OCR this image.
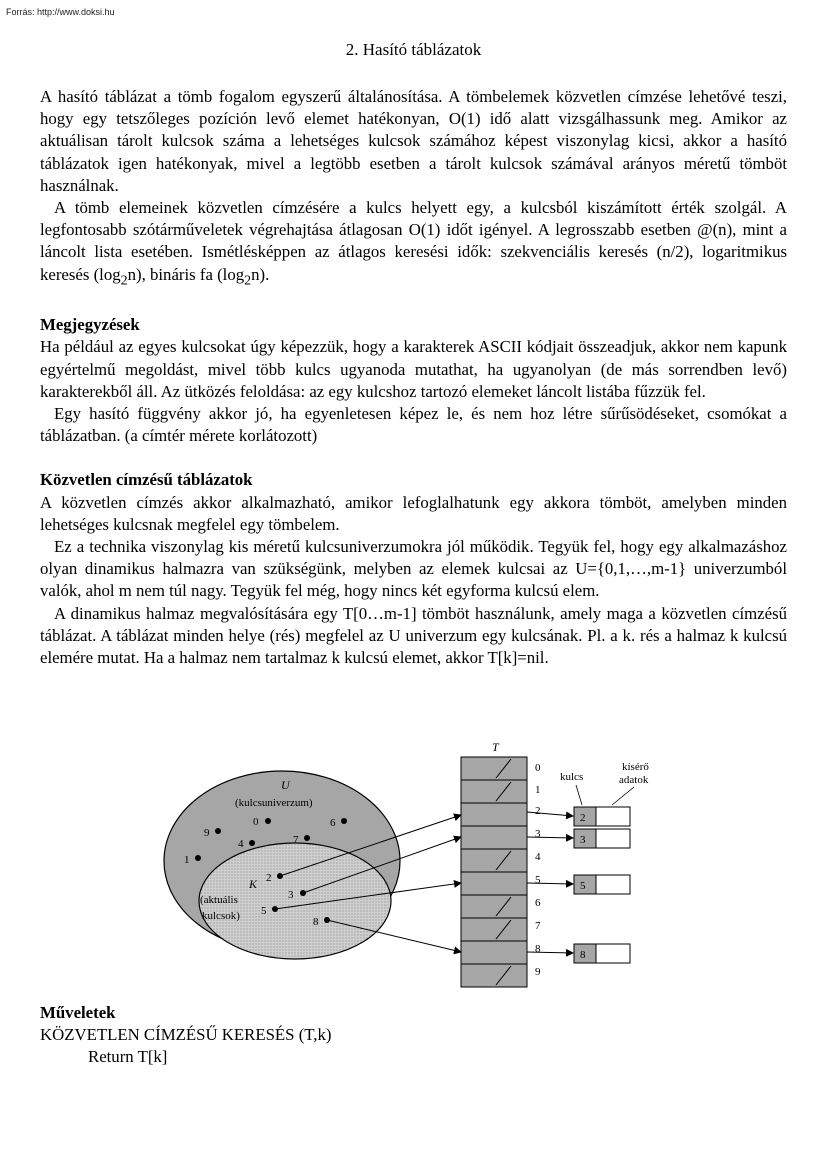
Forrás: http://www.doksi.hu
2. Hasító táblázatok

A hasító táblázat a tömb fogalom egyszerű általánosítása. A tömbelemek közvetlen címzése lehetővé teszi, hogy egy tetszőleges pozíción levő elemet hatékonyan, O(1) idő alatt vizsgálhassunk meg. Amikor az aktuálisan tárolt kulcsok száma a lehetséges kulcsok számához képest viszonylag kicsi, akkor a hasító táblázatok igen hatékonyak, mivel a legtöbb esetben a tárolt kulcsok számával arányos méretű tömböt használnak.

A tömb elemeinek közvetlen címzésére a kulcs helyett egy, a kulcsból kiszámított érték szolgál. A legfontosabb szótárműveletek végrehajtása átlagosan O(1) időt igényel. A legrosszabb esetben @(n), mint a láncolt lista esetében. Ismétlésképpen az átlagos keresési idők: szekvenciális keresés (n/2), logaritmikus keresés $(\log_2n)$, bináris fa $(\log_2n)$.

Megjegyzések

Ha például az egyes kulcsokat úgy képezzük, hogy a karakterek ASCII kódjait összeadjuk, akkor nem kapunk egyértelmű megoldást, mivel több kulcs ugyanoda mutathat, ha ugyanolyan (de más sorrendben levő) karakterekből áll. Az ütközés feloldása: az egy kulcshoz tartozó elemeket láncolt listába fűzzük fel.

Egy hasító függvény akkor jó, ha egyenletesen képez le, és nem hoz létre sűrűsödéseket, csomókat a táblázatban. (a címtér mérete korlátozott)

Közvetlen címzésű táblázatok

A közvetlen címzés akkor alkalmazható, amikor lefoglalhatunk egy akkora tömböt, amelyben minden lehetséges kulcsnak megfelel egy tömbelem.

Ez a technika viszonylag kis méretű kulcsuniverzumokra jól működik. Tegyük fel, hogy egy alkalmazáshoz olyan dinamikus halmazra van szükségünk, melyben az elemek kulcsai az U={0,1,…,m-1} univerzumból valók, ahol m nem túl nagy. Tegyük fel még, hogy nincs két egyforma kulcsú elem.

A dinamikus halmaz megvalósítására egy T[0…m-1] tömböt használunk, amely maga a közvetlen címzésű táblázat. A táblázat minden helye (rés) megfelel az U univerzum egy kulcsának. Pl. a k. rés a halmaz k kulcsú elemére mutat. Ha a halmaz nem tartalmaz k kulcsú elemet, akkor T[k]=nil.

U
(kulcsuniverzum)
K
(aktuális
kulcsok)
0	6
9
7
4
1
2
3
5
8
T
0
1
2
3
4
5
6
7
8
9
kulcs
kísérő
adatok
2
3
5
8
Műveletek
KÖZVETLEN CÍMZÉSŰ KERESÉS (T,k)
Return T[k]
